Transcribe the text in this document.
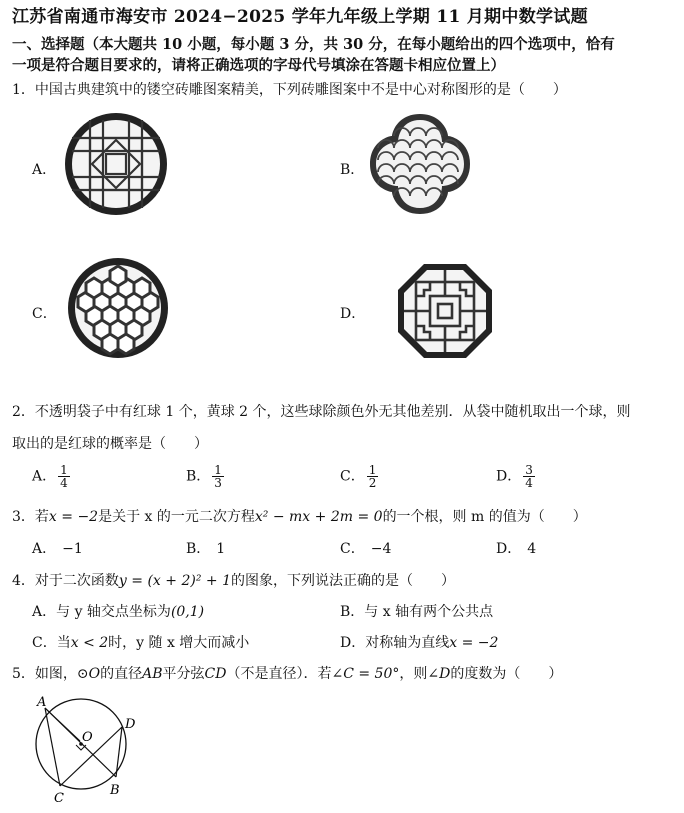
江苏省南通市海安市 2024−2025 学年九年级上学期 11 月期中数学试题
一、选择题（本大题共 10 小题，每小题 3 分，共 30 分，在每小题给出的四个选项中，恰有
一项是符合题目要求的，请将正确选项的字母代号填涂在答题卡相应位置上）
1．中国古典建筑中的镂空砖雕图案精美，下列砖雕图案中不是中心对称图形的是（　　）
A．	B．
C．	D．
2．不透明袋子中有红球 1 个，黄球 2 个，这些球除颜色外无其他差别．从袋中随机取出一个球，则
取出的是红球的概率是（　　）
A． $\frac{1}{4}$	B． $\frac{1}{3}$	C． $\frac{1}{2}$	D． $\frac{3}{4}$
3．若x = −2是关于 x 的一元二次方程x² − mx + 2m = 0的一个根，则 m 的值为（　　）
A． −1	B． 1	C． −4	D． 4
4．对于二次函数y = (x + 2)² + 1的图象，下列说法正确的是（　　）
A．与 y 轴交点坐标为(0,1)	B．与 x 轴有两个公共点
C．当x < 2时，y 随 x 增大而减小	D．对称轴为直线x = −2
5．如图，⊙O的直径AB平分弦CD（不是直径）．若∠C = 50°，则∠D的度数为（　　）
A
B
C
D
O
